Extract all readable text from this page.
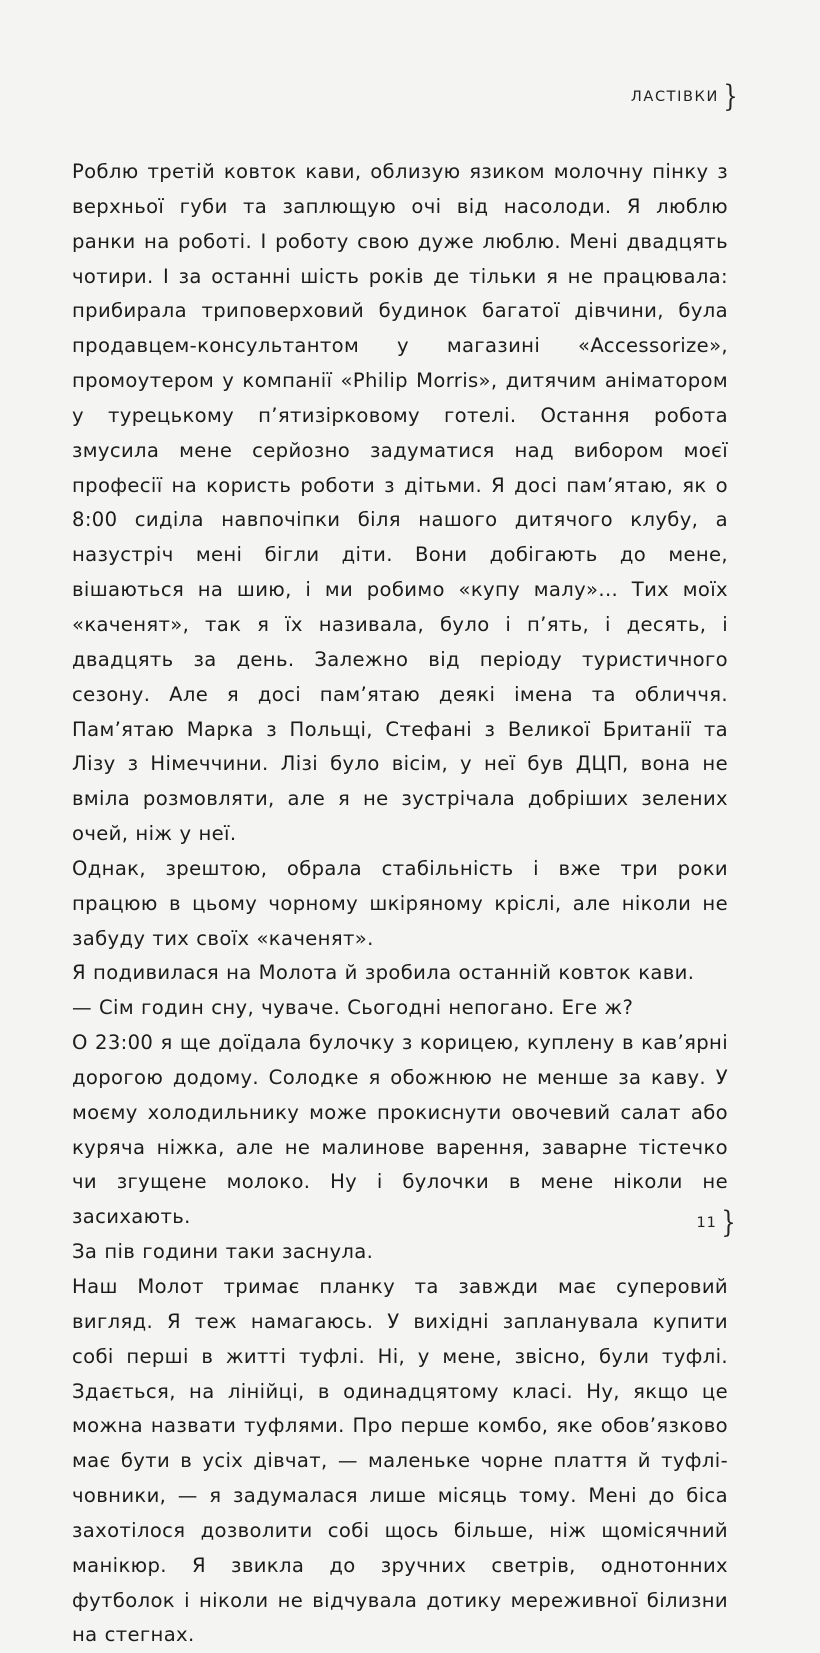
ЛАСТІВКИ }

Роблю третій ковток кави, облизую язиком молочну пінку з верхньої губи та заплющую очі від насолоди. Я люблю ранки на роботі. І роботу свою дуже люблю. Мені двадцять чотири. І за останні шість років де тільки я не працювала: прибирала триповерховий будинок багатої дівчини, була продавцем-консультантом у магазині «Accessorize», промоутером у компанії «Philip Morris», дитячим аніматором у турецькому п’ятизірковому готелі. Остання робота змусила мене серйозно задуматися над вибором моєї професії на користь роботи з дітьми. Я досі пам’ятаю, як о 8:00 сиділа навпочіпки біля нашого дитячого клубу, а назустріч мені бігли діти. Вони добігають до мене, вішаються на шию, і ми робимо «купу малу»... Тих моїх «каченят», так я їх називала, було і п’ять, і десять, і двадцять за день. Залежно від періоду туристичного сезону. Але я досі пам’ятаю деякі імена та обличчя. Пам’ятаю Марка з Польщі, Стефані з Великої Британії та Лізу з Німеччини. Лізі було вісім, у неї був ДЦП, вона не вміла розмовляти, але я не зустрічала добріших зелених очей, ніж у неї.

Однак, зрештою, обрала стабільність і вже три роки працюю в цьому чорному шкіряному кріслі, але ніколи не забуду тих своїх «каченят».

Я подивилася на Молота й зробила останній ковток кави.

— Сім годин сну, чуваче. Сьогодні непогано. Еге ж?

О 23:00 я ще доїдала булочку з корицею, куплену в кав’ярні дорогою додому. Солодке я обожнюю не менше за каву. У моєму холодильнику може прокиснути овочевий салат або куряча ніжка, але не малинове варення, заварне тістечко чи згущене молоко. Ну і булочки в мене ніколи не засихають.

За пів години таки заснула.

Наш Молот тримає планку та завжди має суперовий вигляд. Я теж намагаюсь. У вихідні запланувала купити собі перші в житті туфлі. Ні, у мене, звісно, були туфлі. Здається, на лінійці, в одинадцятому класі. Ну, якщо це можна назвати туфлями. Про перше комбо, яке обов’язково має бути в усіх дівчат, — маленьке чорне плаття й туфлі-човники, — я задумалася лише місяць тому. Мені до біса захотілося дозволити собі щось більше, ніж щомісячний манікюр. Я звикла до зручних светрів, однотонних футболок і ніколи не відчувала дотику мереживної білизни на стегнах.

11 }
